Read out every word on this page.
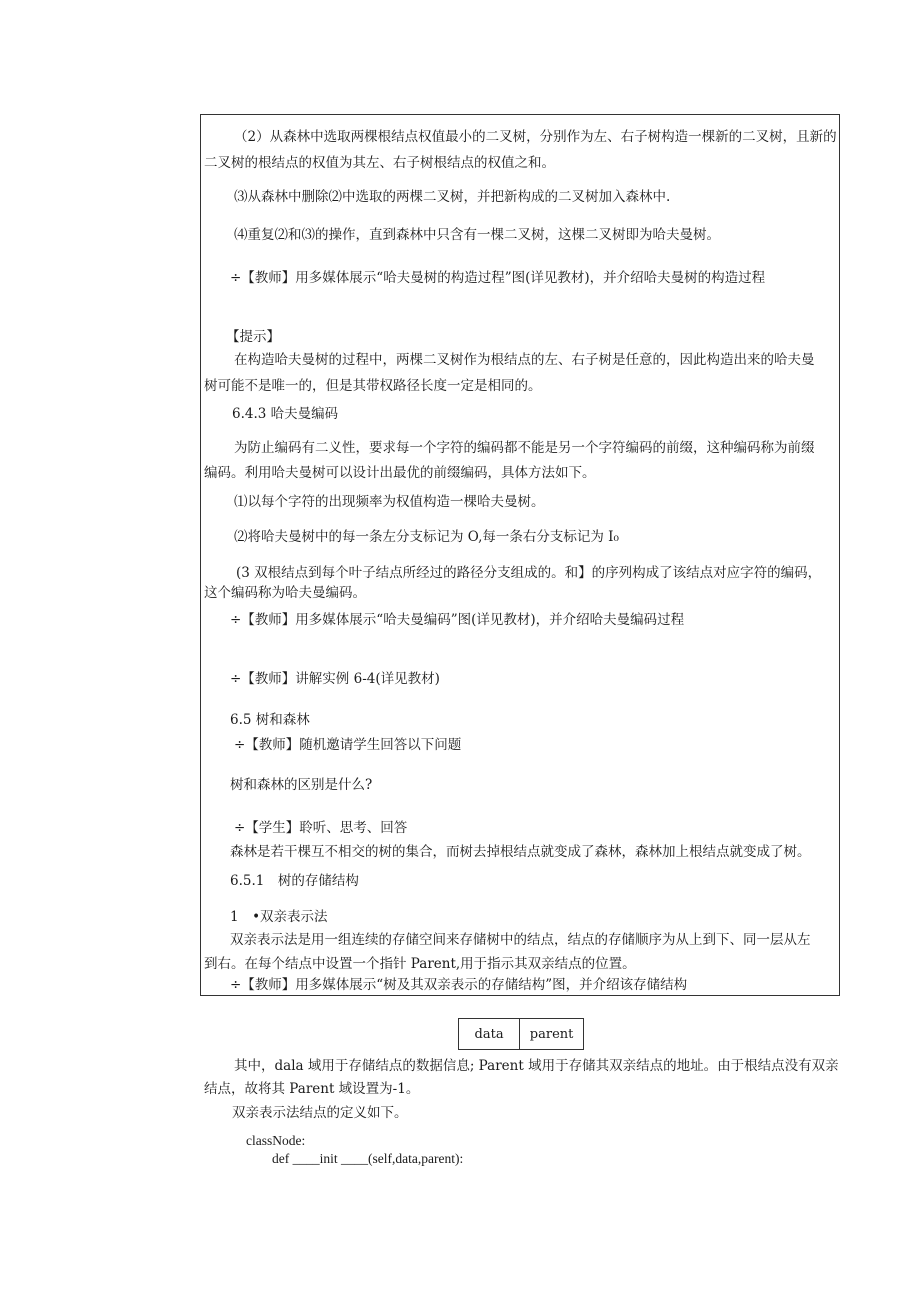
（2）从森林中选取两棵根结点权值最小的二叉树，分别作为左、右子树构造一棵新的二叉树，且新的
二叉树的根结点的权值为其左、右子树根结点的权值之和。
⑶从森林中删除⑵中选取的两棵二叉树，并把新构成的二叉树加入森林中.
⑷重复⑵和⑶的操作，直到森林中只含有一棵二叉树，这棵二叉树即为哈夫曼树。
÷【教师】用多媒体展示“哈夫曼树的构造过程”图(详见教材)，并介绍哈夫曼树的构造过程
【提示】
在构造哈夫曼树的过程中，两棵二叉树作为根结点的左、右子树是任意的，因此构造出来的哈夫曼
树可能不是唯一的，但是其带权路径长度一定是相同的。
6.4.3 哈夫曼编码
为防止编码有二义性，要求每一个字符的编码都不能是另一个字符编码的前缀，这种编码称为前缀
编码。利用哈夫曼树可以设计出最优的前缀编码，具体方法如下。
⑴以每个字符的出现频率为权值构造一棵哈夫曼树。
⑵将哈夫曼树中的每一条左分支标记为 O,每一条右分支标记为 I₀
(3 双根结点到每个叶子结点所经过的路径分支组成的。和】的序列构成了该结点对应字符的编码，
这个编码称为哈夫曼编码。
÷【教师】用多媒体展示“哈夫曼编码”图(详见教材)，并介绍哈夫曼编码过程
÷【教师】讲解实例 6-4(详见教材)
6.5 树和森林
÷【教师】随机邀请学生回答以下问题
树和森林的区别是什么?
÷【学生】聆听、思考、回答
森林是若干棵互不相交的树的集合，而树去掉根结点就变成了森林，森林加上根结点就变成了树。
6.5.1　树的存储结构
1　•双亲表示法
双亲表示法是用一组连续的存储空间来存储树中的结点，结点的存储顺序为从上到下、同一层从左
到右。在每个结点中设置一个指针 Parent,用于指示其双亲结点的位置。
÷【教师】用多媒体展示“树及其双亲表示的存储结构”图，并介绍该存储结构
data	parent
其中，dala 域用于存储结点的数据信息; Parent 域用于存储其双亲结点的地址。由于根结点没有双亲
结点，故将其 Parent 域设置为-1。
双亲表示法结点的定义如下。
classNode:
def ____init ____(self,data,parent):
